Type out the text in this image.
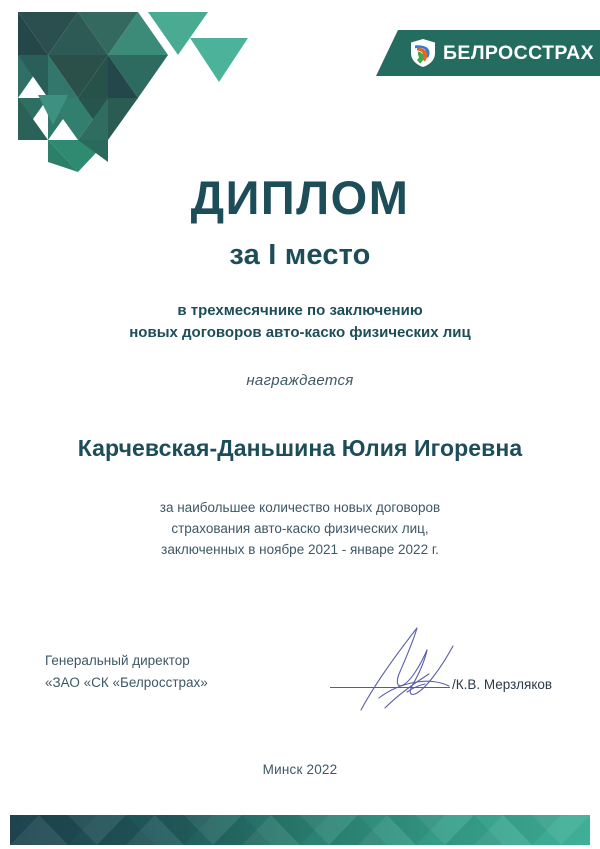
БЕЛРОССТРАХ
ДИПЛОМ
за I место
в трехмесячнике по заключению
новых договоров авто-каско физических лиц
награждается
Карчевская-Даньшина Юлия Игоревна
за наибольшее количество новых договоров
страхования авто-каско физических лиц,
заключенных в ноябре 2021 - январе 2022 г.
Генеральный директор
«ЗАО «СК «Белросстрах»	/К.В. Мерзляков
Минск 2022
